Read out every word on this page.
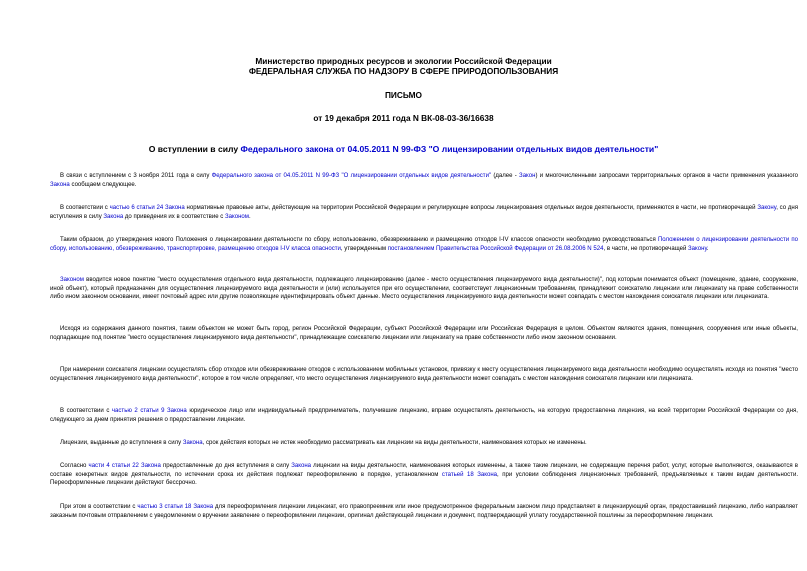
Министерство природных ресурсов и экологии Российской Федерации
ФЕДЕРАЛЬНАЯ СЛУЖБА ПО НАДЗОРУ В СФЕРЕ ПРИРОДОПОЛЬЗОВАНИЯ
ПИСЬМО
от 19 декабря 2011 года N ВК-08-03-36/16638
О вступлении в силу Федерального закона от 04.05.2011 N 99-ФЗ "О лицензировании отдельных видов деятельности"

В связи с вступлением с 3 ноября 2011 года в силу Федерального закона от 04.05.2011 N 99-ФЗ "О лицензировании отдельных видов деятельности" (далее - Закон) и многочисленными запросами территориальных органов в части применения указанного Закона сообщаем следующее.

В соответствии с частью 6 статьи 24 Закона нормативные правовые акты, действующие на территории Российской Федерации и регулирующие вопросы лицензирования отдельных видов деятельности, применяются в части, не противоречащей Закону, со дня вступления в силу Закона до приведения их в соответствие с Законом.

Таким образом, до утверждения нового Положения о лицензировании деятельности по сбору, использованию, обезвреживанию и размещению отходов I-IV классов опасности необходимо руководствоваться Положением о лицензировании деятельности по сбору, использованию, обезвреживанию, транспортировке, размещению отходов I-IV класса опасности, утвержденным постановлением Правительства Российской Федерации от 26.08.2006 N 524, в части, не противоречащей Закону.

Законом вводится новое понятие "место осуществления отдельного вида деятельности, подлежащего лицензированию (далее - место осуществления лицензируемого вида деятельности)", под которым понимается объект (помещение, здание, сооружение, иной объект), который предназначен для осуществления лицензируемого вида деятельности и (или) используется при его осуществлении, соответствует лицензионным требованиям, принадлежит соискателю лицензии или лицензиату на праве собственности либо ином законном основании, имеет почтовый адрес или другие позволяющие идентифицировать объект данные. Место осуществления лицензируемого вида деятельности может совпадать с местом нахождения соискателя лицензии или лицензиата.

Исходя из содержания данного понятия, таким объектом не может быть город, регион Российской Федерации, субъект Российской Федерации или Российская Федерация в целом. Объектом являются здания, помещения, сооружения или иные объекты, подпадающие под понятие "место осуществления лицензируемого вида деятельности", принадлежащие соискателю лицензии или лицензиату на праве собственности либо ином законном основании.

При намерении соискателя лицензии осуществлять сбор отходов или обезвреживание отходов с использованием мобильных установок, привязку к месту осуществления лицензируемого вида деятельности необходимо осуществлять исходя из понятия "место осуществления лицензируемого вида деятельности", которое в том числе определяет, что место осуществления лицензируемого вида деятельности может совпадать с местом нахождения соискателя лицензии или лицензиата.

В соответствии с частью 2 статьи 9 Закона юридическое лицо или индивидуальный предприниматель, получившие лицензию, вправе осуществлять деятельность, на которую предоставлена лицензия, на всей территории Российской Федерации со дня, следующего за днем принятия решения о предоставлении лицензии.

Лицензии, выданные до вступления в силу Закона, срок действия которых не истек необходимо рассматривать как лицензии на виды деятельности, наименования которых не изменены.

Согласно части 4 статьи 22 Закона предоставленные до дня вступления в силу Закона лицензии на виды деятельности, наименования которых изменены, а также такие лицензии, не содержащие перечня работ, услуг, которые выполняются, оказываются в составе конкретных видов деятельности, по истечении срока их действия подлежат переоформлению в порядке, установленном статьей 18 Закона, при условии соблюдения лицензионных требований, предъявляемых к таким видам деятельности. Переоформленные лицензии действуют бессрочно.

При этом в соответствии с частью 3 статьи 18 Закона для переоформления лицензии лицензиат, его правопреемник или иное предусмотренное федеральным законом лицо представляет в лицензирующий орган, предоставивший лицензию, либо направляет заказным почтовым отправлением с уведомлением о вручении заявление о переоформлении лицензии, оригинал действующей лицензии и документ, подтверждающий уплату государственной пошлины за переоформление лицензии.
